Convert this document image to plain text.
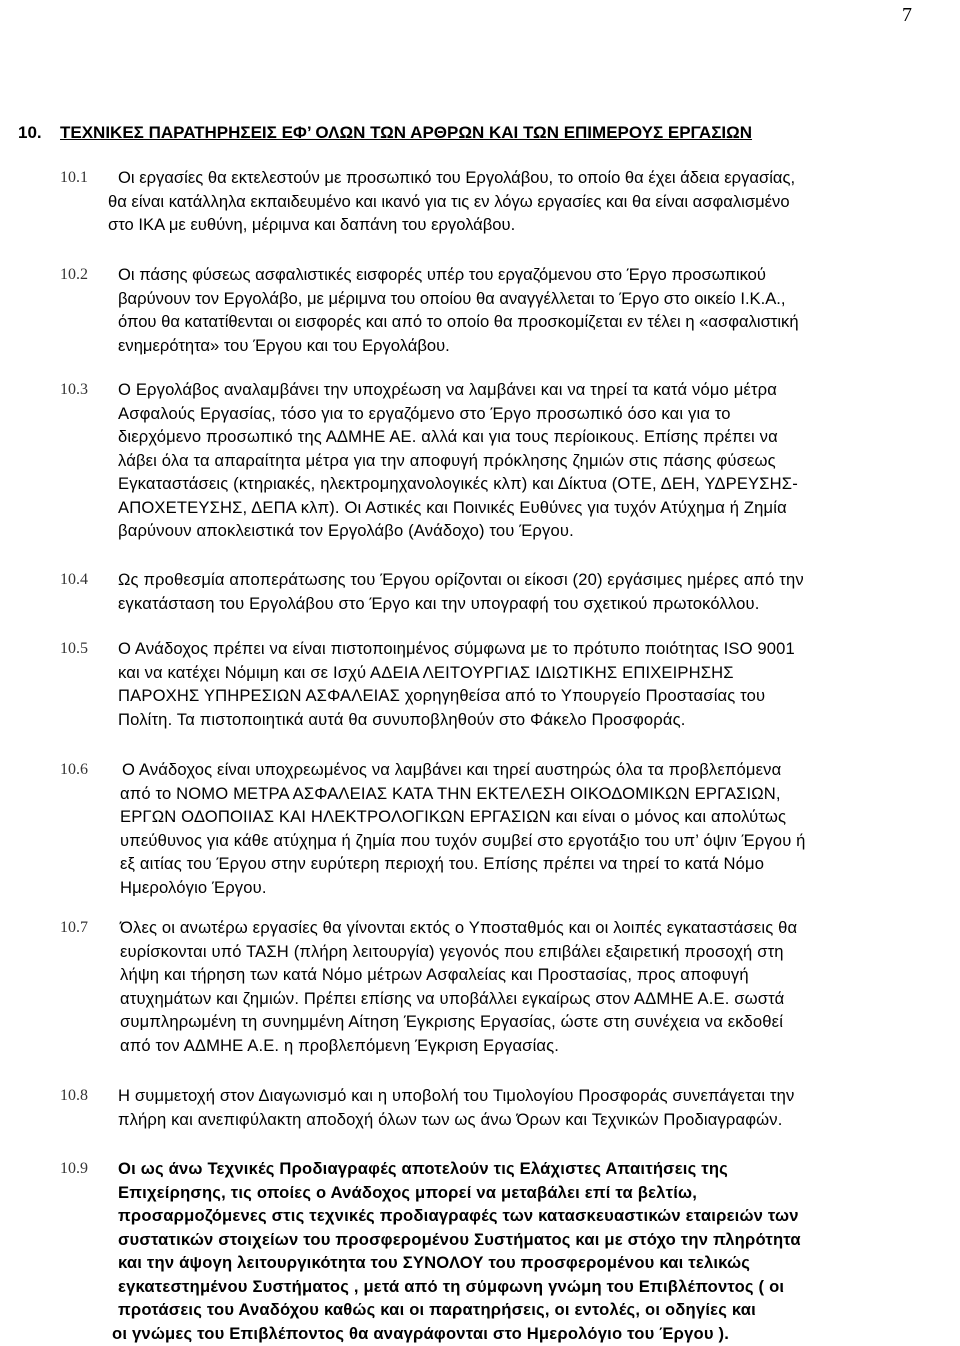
7
10. ΤΕΧΝΙΚΕΣ ΠΑΡΑΤΗΡΗΣΕΙΣ ΕΦ’ ΟΛΩΝ ΤΩΝ ΑΡΘΡΩΝ ΚΑΙ ΤΩΝ ΕΠΙΜΕΡΟΥΣ ΕΡΓΑΣΙΩΝ
10.1 Οι εργασίες θα εκτελεστούν με προσωπικό του Εργολάβου, το οποίο θα έχει άδεια εργασίας,
θα είναι κατάλληλα εκπαιδευμένο και ικανό για τις εν λόγω εργασίες και θα είναι ασφαλισμένο
στο ΙΚΑ με ευθύνη, μέριμνα και δαπάνη του εργολάβου.
10.2 Οι πάσης φύσεως ασφαλιστικές εισφορές υπέρ του εργαζόμενου στο Έργο προσωπικού
βαρύνουν τον Εργολάβο, με μέριμνα του οποίου θα αναγγέλλεται το Έργο στο οικείο Ι.Κ.Α.,
όπου θα κατατίθενται οι εισφορές και από το οποίο θα προσκομίζεται εν τέλει η «ασφαλιστική
ενημερότητα» του Έργου και του Εργολάβου.
10.3 Ο Εργολάβος αναλαμβάνει την υποχρέωση να λαμβάνει και να τηρεί τα κατά νόμο μέτρα
Ασφαλούς Εργασίας, τόσο για το εργαζόμενο στο Έργο προσωπικό όσο και για το
διερχόμενο προσωπικό της ΑΔΜΗΕ ΑΕ. αλλά και για τους περίοικους. Επίσης πρέπει να
λάβει όλα τα απαραίτητα μέτρα για την αποφυγή πρόκλησης ζημιών στις πάσης φύσεως
Εγκαταστάσεις (κτηριακές, ηλεκτρομηχανολογικές κλπ) και Δίκτυα (ΟΤΕ, ΔΕΗ, ΥΔΡΕΥΣΗΣ-
ΑΠΟΧΕΤΕΥΣΗΣ, ΔΕΠΑ κλπ). Οι Αστικές και Ποινικές Ευθύνες για τυχόν Ατύχημα ή Ζημία
βαρύνουν αποκλειστικά τον Εργολάβο (Ανάδοχο) του Έργου.
10.4 Ως προθεσμία αποπεράτωσης του Έργου ορίζονται οι είκοσι (20) εργάσιμες ημέρες από την
εγκατάσταση του Εργολάβου στο Έργο και την υπογραφή του σχετικού πρωτοκόλλου.
10.5 Ο Ανάδοχος πρέπει να είναι πιστοποιημένος σύμφωνα με το πρότυπο ποιότητας ISO 9001
και να κατέχει Νόμιμη και σε Ισχύ ΑΔΕΙΑ ΛΕΙΤΟΥΡΓΙΑΣ ΙΔΙΩΤΙΚΗΣ ΕΠΙΧΕΙΡΗΣΗΣ
ΠΑΡΟΧΗΣ ΥΠΗΡΕΣΙΩΝ ΑΣΦΑΛΕΙΑΣ χορηγηθείσα από το Υπουργείο Προστασίας του
Πολίτη. Τα πιστοποιητικά αυτά θα συνυποβληθούν στο Φάκελο Προσφοράς.
10.6 Ο Ανάδοχος είναι υποχρεωμένος να λαμβάνει και τηρεί αυστηρώς όλα τα προβλεπόμενα
από το ΝΟΜΟ ΜΕΤΡΑ ΑΣΦΑΛΕΙΑΣ ΚΑΤΑ ΤΗΝ ΕΚΤΕΛΕΣΗ ΟΙΚΟΔΟΜΙΚΩΝ ΕΡΓΑΣΙΩΝ,
ΕΡΓΩΝ ΟΔΟΠΟΙΙΑΣ ΚΑΙ ΗΛΕΚΤΡΟΛΟΓΙΚΩΝ ΕΡΓΑΣΙΩΝ και είναι ο μόνος και απολύτως
υπεύθυνος για κάθε ατύχημα ή ζημία που τυχόν συμβεί στο εργοτάξιο του υπ’ όψιν Έργου ή
εξ αιτίας του Έργου στην ευρύτερη περιοχή του. Επίσης πρέπει να τηρεί το κατά Νόμο
Ημερολόγιο Έργου.
10.7 Όλες οι ανωτέρω εργασίες θα γίνονται εκτός ο Υποσταθμός και οι λοιπές εγκαταστάσεις θα
ευρίσκονται υπό ΤΑΣΗ (πλήρη λειτουργία) γεγονός που επιβάλει εξαιρετική προσοχή στη
λήψη και τήρηση των κατά Νόμο μέτρων Ασφαλείας και Προστασίας, προς αποφυγή
ατυχημάτων και ζημιών. Πρέπει επίσης να υποβάλλει εγκαίρως στον ΑΔΜΗΕ Α.Ε. σωστά
συμπληρωμένη τη συνημμένη Αίτηση Έγκρισης Εργασίας, ώστε στη συνέχεια να εκδοθεί
από τον ΑΔΜΗΕ Α.Ε. η προβλεπόμενη Έγκριση Εργασίας.
10.8 Η συμμετοχή στον Διαγωνισμό και η υποβολή του Τιμολογίου Προσφοράς συνεπάγεται την
πλήρη και ανεπιφύλακτη αποδοχή όλων των ως άνω Όρων και Τεχνικών Προδιαγραφών.
10.9 Οι ως άνω Τεχνικές Προδιαγραφές αποτελούν τις Ελάχιστες Απαιτήσεις της
Επιχείρησης, τις οποίες ο Ανάδοχος μπορεί να μεταβάλει επί τα βελτίω,
προσαρμοζόμενες στις τεχνικές προδιαγραφές των κατασκευαστικών εταιρειών των
συστατικών στοιχείων του προσφερομένου Συστήματος και με στόχο την πληρότητα
και την άψογη λειτουργικότητα του ΣΥΝΟΛΟΥ του προσφερομένου και τελικώς
εγκατεστημένου Συστήματος , μετά από τη σύμφωνη γνώμη του Επιβλέποντος ( οι
προτάσεις του Αναδόχου καθώς και οι παρατηρήσεις, οι εντολές, οι οδηγίες και
οι γνώμες του Επιβλέποντος θα αναγράφονται στο Ημερολόγιο του Έργου ).
